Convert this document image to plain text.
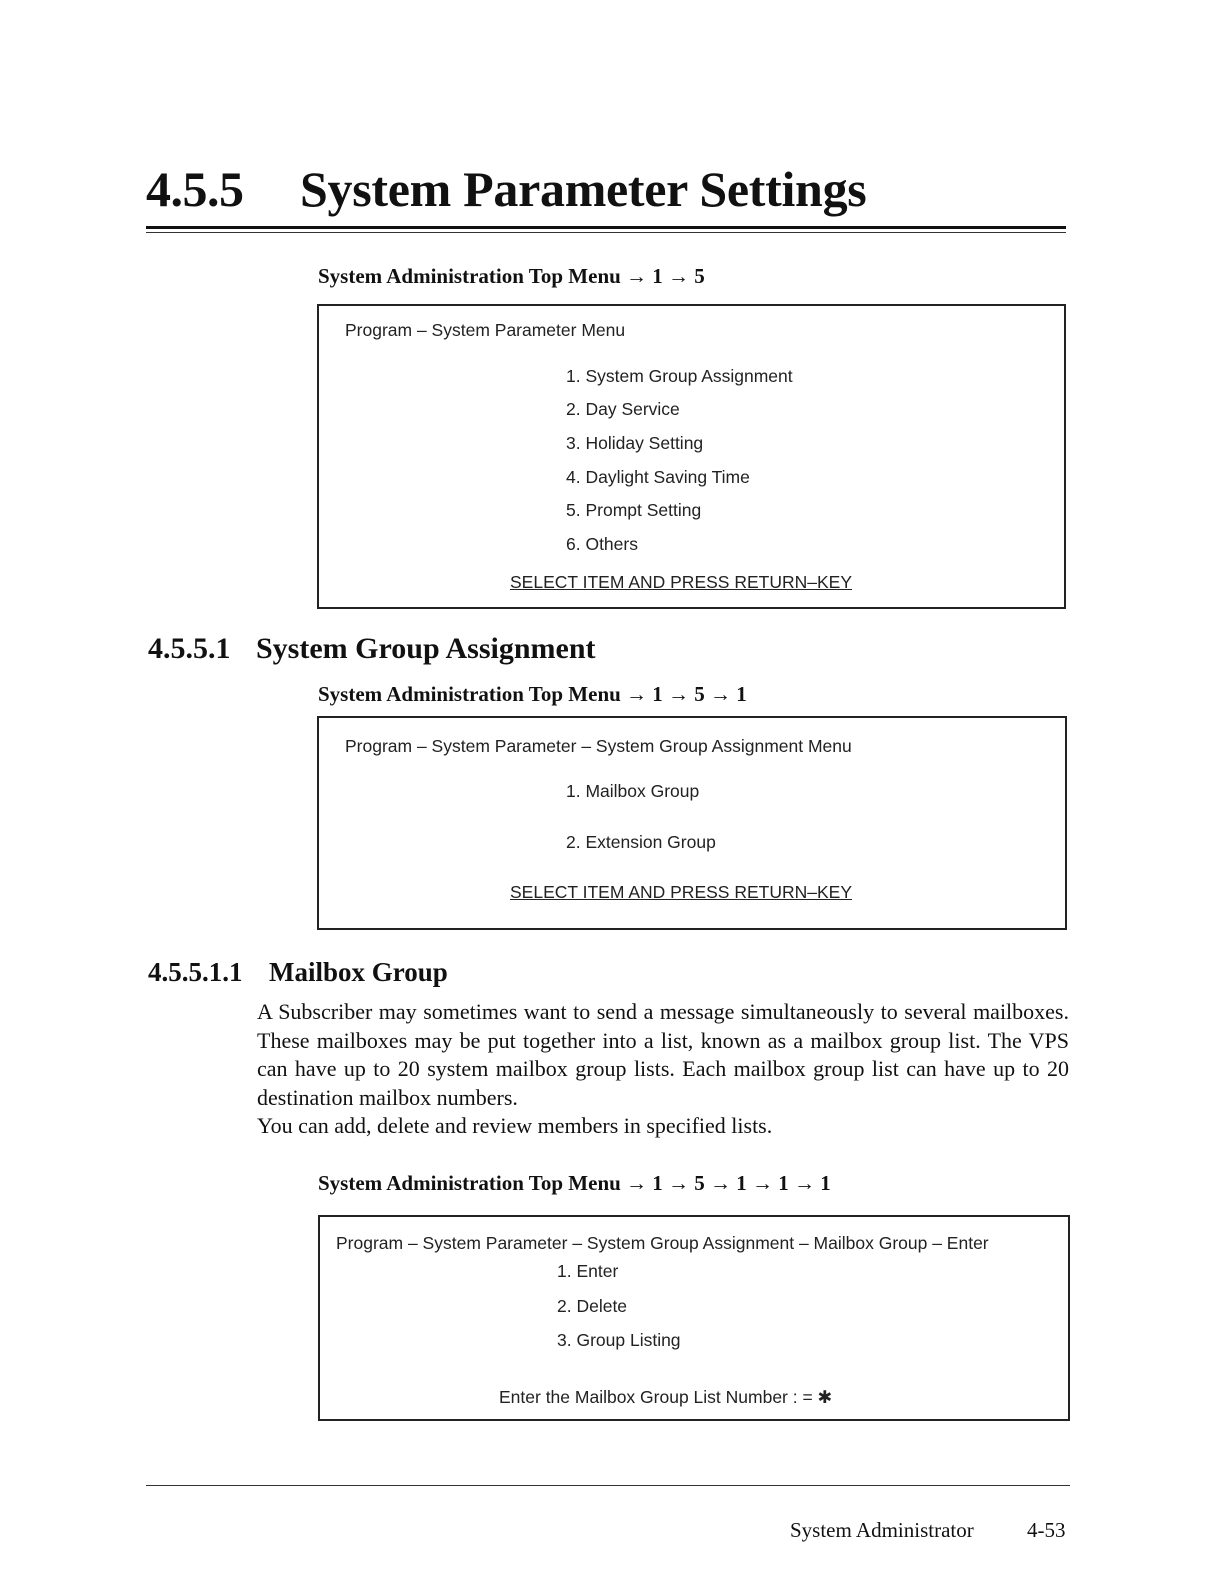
4.5.5 System Parameter Settings
System Administration Top Menu → 1 → 5
Program – System Parameter Menu
1. System Group Assignment
2. Day Service
3. Holiday Setting
4. Daylight Saving Time
5. Prompt Setting
6. Others
SELECT ITEM AND PRESS RETURN–KEY
4.5.5.1 System Group Assignment
System Administration Top Menu → 1 → 5 → 1
Program – System Parameter – System Group Assignment Menu
1. Mailbox Group
2. Extension Group
SELECT ITEM AND PRESS RETURN–KEY
4.5.5.1.1 Mailbox Group

A Subscriber may sometimes want to send a message simultaneously to several mailboxes. These mailboxes may be put together into a list, known as a mailbox group list. The VPS can have up to 20 system mailbox group lists. Each mailbox group list can have up to 20 destination mailbox numbers.

You can add, delete and review members in specified lists.

System Administration Top Menu → 1 → 5 → 1 → 1 → 1
Program – System Parameter – System Group Assignment – Mailbox Group – Enter
1. Enter
2. Delete
3. Group Listing
Enter the Mailbox Group List Number : = ✱
System Administrator	4-53
